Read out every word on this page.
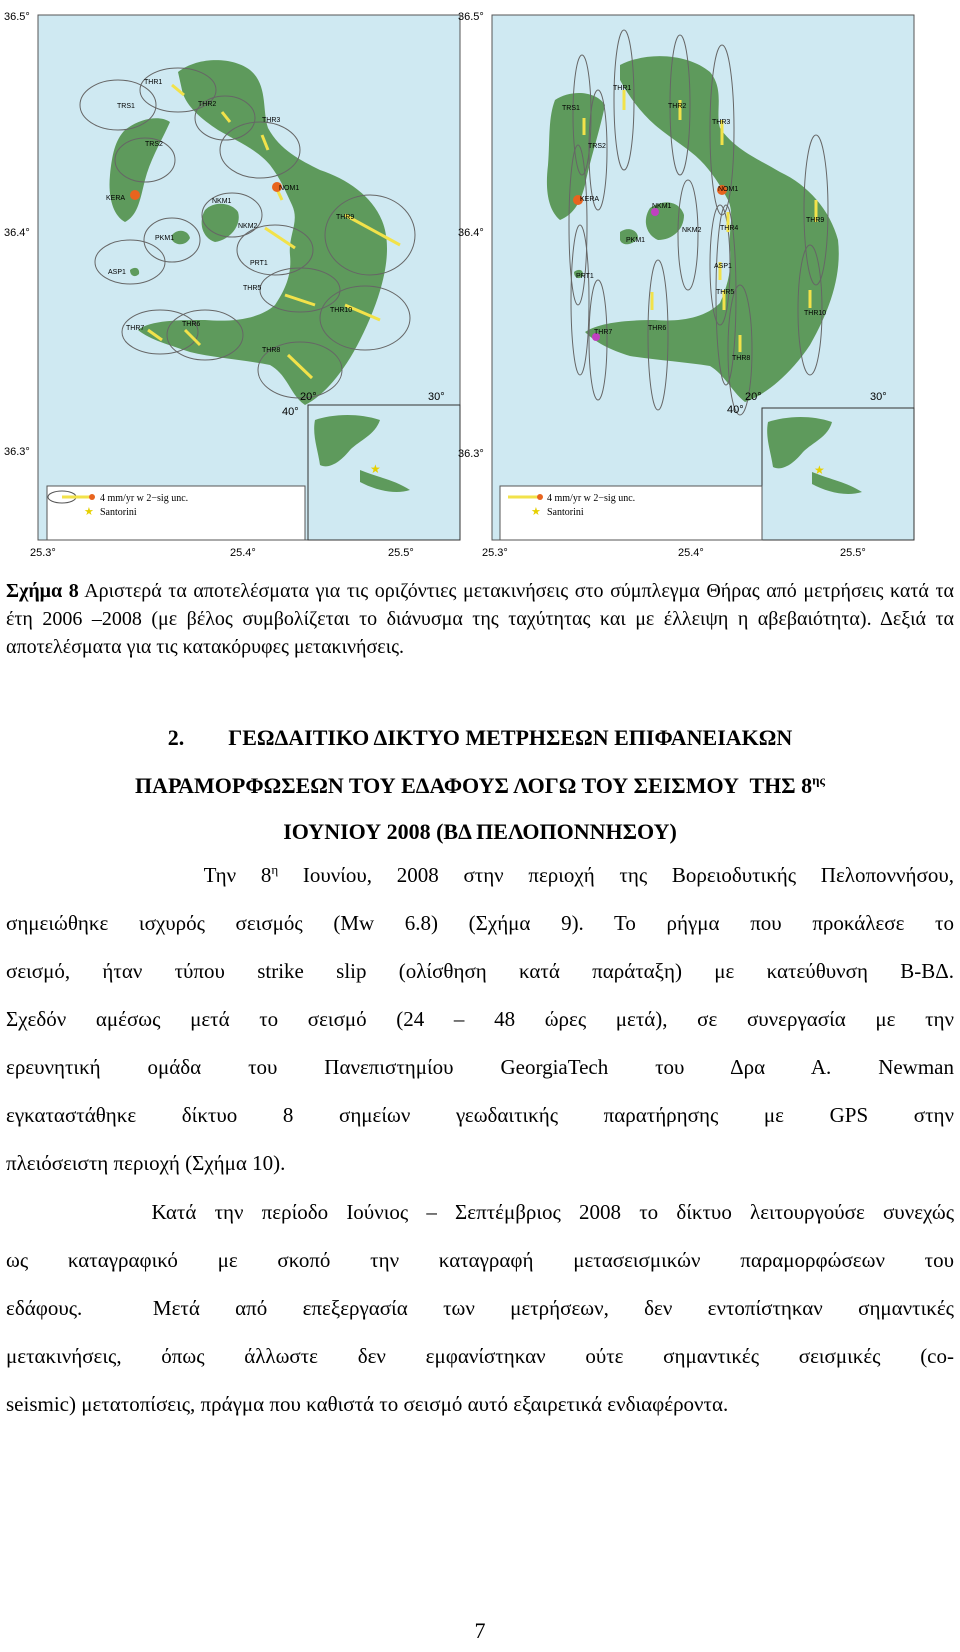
THR1
TRS1	THR2
THR3
TRS2
KERA
NOM1
NKM1
NKM2
THR9
PKM1
PRT1
ASP1
THR5
THR7
THR6
THR10
THR8
★
20°	30°
40°
4 mm/yr w 2−sig unc.
★ Santorini
36.5°
36.4°
36.3°
25.3°	25.4°	25.5°
THR1
TRS1	THR2
THR3
TRS2
KERA
NOM1
NKM1
THR9
NKM2	THR4
PKM1
PRT1
ASP1
THR5
THR10
THR7
THR6
THR8
★
20°	30°
40°
4 mm/yr w 2−sig unc.
★ Santorini
36.5°
36.4°
36.3°
25.3°	25.4°	25.5°
Σχήμα 8 Αριστερά τα αποτελέσματα για τις οριζόντιες μετακινήσεις στο σύμπλεγμα Θήρας από μετρήσεις κατά τα έτη 2006 –2008 (με βέλος συμβολίζεται το διάνυσμα της ταχύτητας και με έλλειψη η αβεβαιότητα). Δεξιά τα αποτελέσματα για τις κατακόρυφες μετακινήσεις.
2.        ΓΕΩΔΑΙΤΙΚΟ ΔΙΚΤΥΟ ΜΕΤΡΗΣΕΩΝ ΕΠΙΦΑΝΕΙΑΚΩΝ
ΠΑΡΑΜΟΡΦΩΣΕΩΝ ΤΟΥ ΕΔΑΦΟΥΣ ΛΟΓΩ ΤΟΥ ΣΕΙΣΜΟΥ  ΤΗΣ $8^{\eta\varsigma}$
ΙΟΥΝΙΟΥ 2008 (ΒΔ ΠΕΛΟΠΟΝΝΗΣΟΥ)
Την $8^\eta$ Ιουνίου, 2008 στην περιοχή της Βορειοδυτικής Πελοποννήσου,
σημειώθηκε ισχυρός σεισμός (Mw 6.8) (Σχήμα 9). Το ρήγμα που προκάλεσε το
σεισμό, ήταν τύπου strike slip (ολίσθηση κατά παράταξη) με κατεύθυνση Β-ΒΔ.
Σχεδόν αμέσως μετά το σεισμό (24 – 48 ώρες μετά), σε συνεργασία με την
ερευνητική ομάδα του Πανεπιστημίου GeorgiaTech του Δρα Α. Newman
εγκαταστάθηκε δίκτυο 8 σημείων γεωδαιτικής παρατήρησης με GPS στην
πλειόσειστη περιοχή (Σχήμα 10).
Κατά την περίοδο Ιούνιος – Σεπτέμβριος 2008 το δίκτυο λειτουργούσε συνεχώς
ως καταγραφικό με σκοπό την καταγραφή μετασεισμικών παραμορφώσεων του
εδάφους.  Μετά από επεξεργασία των μετρήσεων, δεν εντοπίστηκαν σημαντικές
μετακινήσεις, όπως άλλωστε δεν εμφανίστηκαν ούτε σημαντικές σεισμικές (co-
seismic) μετατοπίσεις, πράγμα που καθιστά το σεισμό αυτό εξαιρετικά ενδιαφέροντα.
7
